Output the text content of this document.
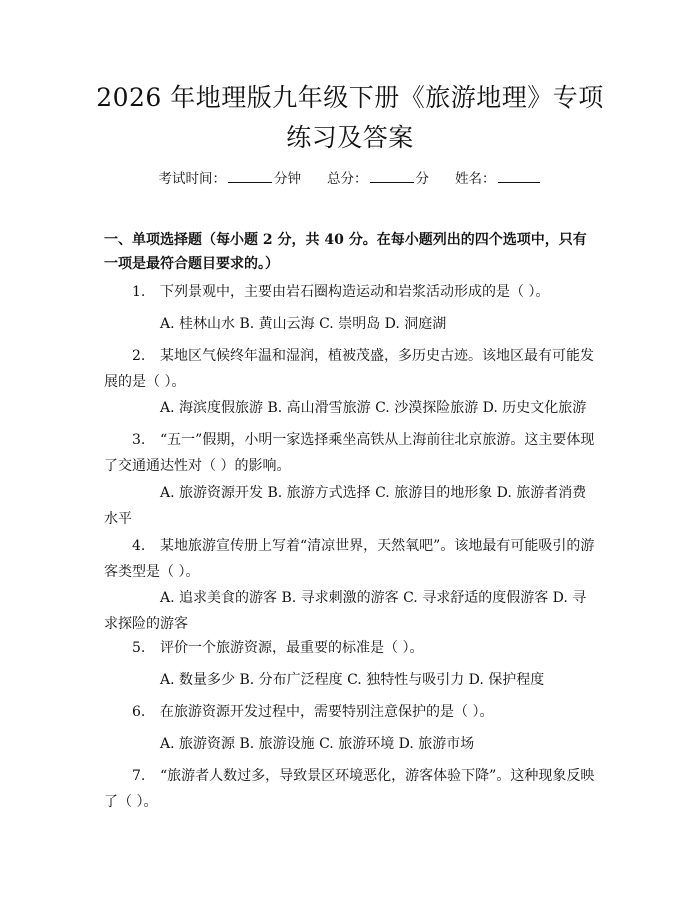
2026 年地理版九年级下册《旅游地理》专项
练习及答案
考试时间：	分钟 总分：	分 姓名：
一、单项选择题（每小题 2 分，共 40 分。在每小题列出的四个选项中，只有一项是最符合题目要求的。）
1. 下列景观中，主要由岩石圈构造运动和岩浆活动形成的是（ ）。
A. 桂林山水 B. 黄山云海 C. 崇明岛 D. 洞庭湖
2. 某地区气候终年温和湿润，植被茂盛，多历史古迹。该地区最有可能发展的是（ ）。
A. 海滨度假旅游 B. 高山滑雪旅游 C. 沙漠探险旅游 D. 历史文化旅游
3. “五一”假期，小明一家选择乘坐高铁从上海前往北京旅游。这主要体现了交通通达性对（ ）的影响。
A. 旅游资源开发 B. 旅游方式选择 C. 旅游目的地形象 D. 旅游者消费水平
4. 某地旅游宣传册上写着“清凉世界，天然氧吧”。该地最有可能吸引的游客类型是（ ）。
A. 追求美食的游客 B. 寻求刺激的游客 C. 寻求舒适的度假游客 D. 寻求探险的游客
5. 评价一个旅游资源，最重要的标准是（ ）。
A. 数量多少 B. 分布广泛程度 C. 独特性与吸引力 D. 保护程度
6. 在旅游资源开发过程中，需要特别注意保护的是（ ）。
A. 旅游资源 B. 旅游设施 C. 旅游环境 D. 旅游市场
7. “旅游者人数过多，导致景区环境恶化，游客体验下降”。这种现象反映了（ ）。
